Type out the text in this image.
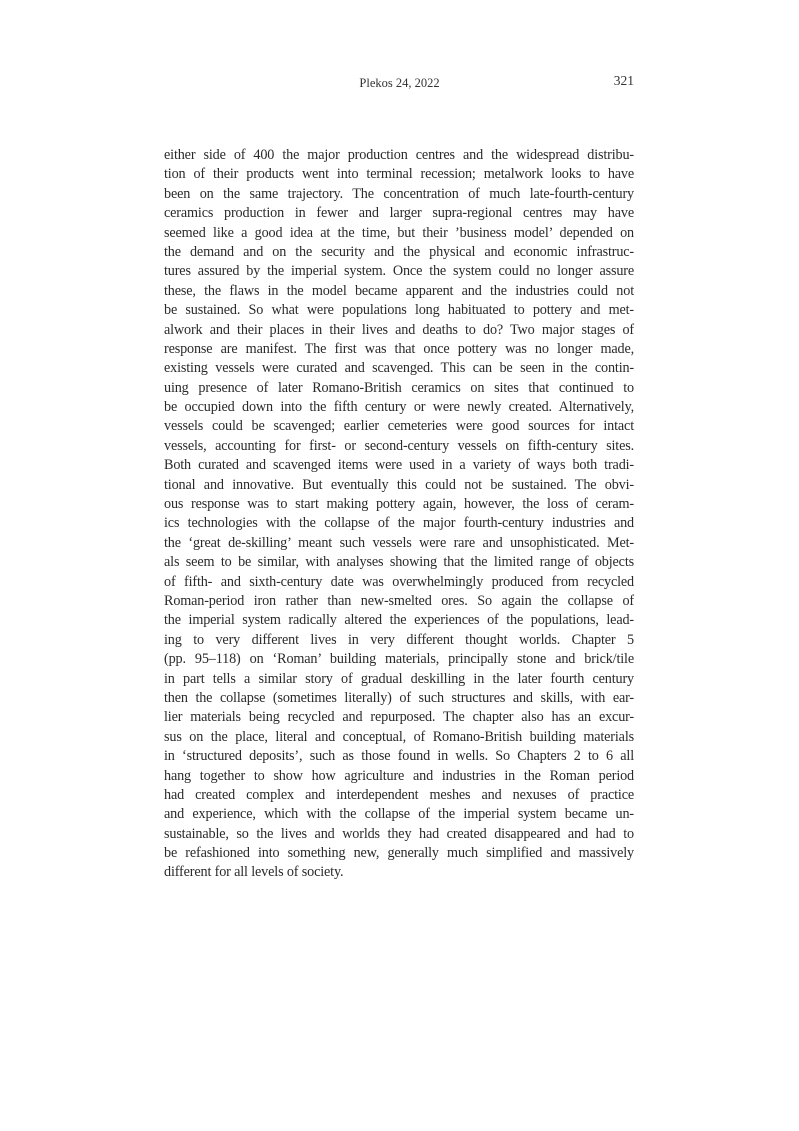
Plekos 24, 2022	321
either side of 400 the major production centres and the widespread distribu-
tion of their products went into terminal recession; metalwork looks to have
been on the same trajectory. The concentration of much late-fourth-century
ceramics production in fewer and larger supra-regional centres may have
seemed like a good idea at the time, but their ’business model’ depended on
the demand and on the security and the physical and economic infrastruc-
tures assured by the imperial system. Once the system could no longer assure
these, the flaws in the model became apparent and the industries could not
be sustained. So what were populations long habituated to pottery and met-
alwork and their places in their lives and deaths to do? Two major stages of
response are manifest. The first was that once pottery was no longer made,
existing vessels were curated and scavenged. This can be seen in the contin-
uing presence of later Romano-British ceramics on sites that continued to
be occupied down into the fifth century or were newly created. Alternatively,
vessels could be scavenged; earlier cemeteries were good sources for intact
vessels, accounting for first- or second-century vessels on fifth-century sites.
Both curated and scavenged items were used in a variety of ways both tradi-
tional and innovative. But eventually this could not be sustained. The obvi-
ous response was to start making pottery again, however, the loss of ceram-
ics technologies with the collapse of the major fourth-century industries and
the ‘great de-skilling’ meant such vessels were rare and unsophisticated. Met-
als seem to be similar, with analyses showing that the limited range of objects
of fifth- and sixth-century date was overwhelmingly produced from recycled
Roman-period iron rather than new-smelted ores. So again the collapse of
the imperial system radically altered the experiences of the populations, lead-
ing to very different lives in very different thought worlds. Chapter 5
(pp. 95–118) on ‘Roman’ building materials, principally stone and brick/tile
in part tells a similar story of gradual deskilling in the later fourth century
then the collapse (sometimes literally) of such structures and skills, with ear-
lier materials being recycled and repurposed. The chapter also has an excur-
sus on the place, literal and conceptual, of Romano-British building materials
in ‘structured deposits’, such as those found in wells. So Chapters 2 to 6 all
hang together to show how agriculture and industries in the Roman period
had created complex and interdependent meshes and nexuses of practice
and experience, which with the collapse of the imperial system became un-
sustainable, so the lives and worlds they had created disappeared and had to
be refashioned into something new, generally much simplified and massively
different for all levels of society.
